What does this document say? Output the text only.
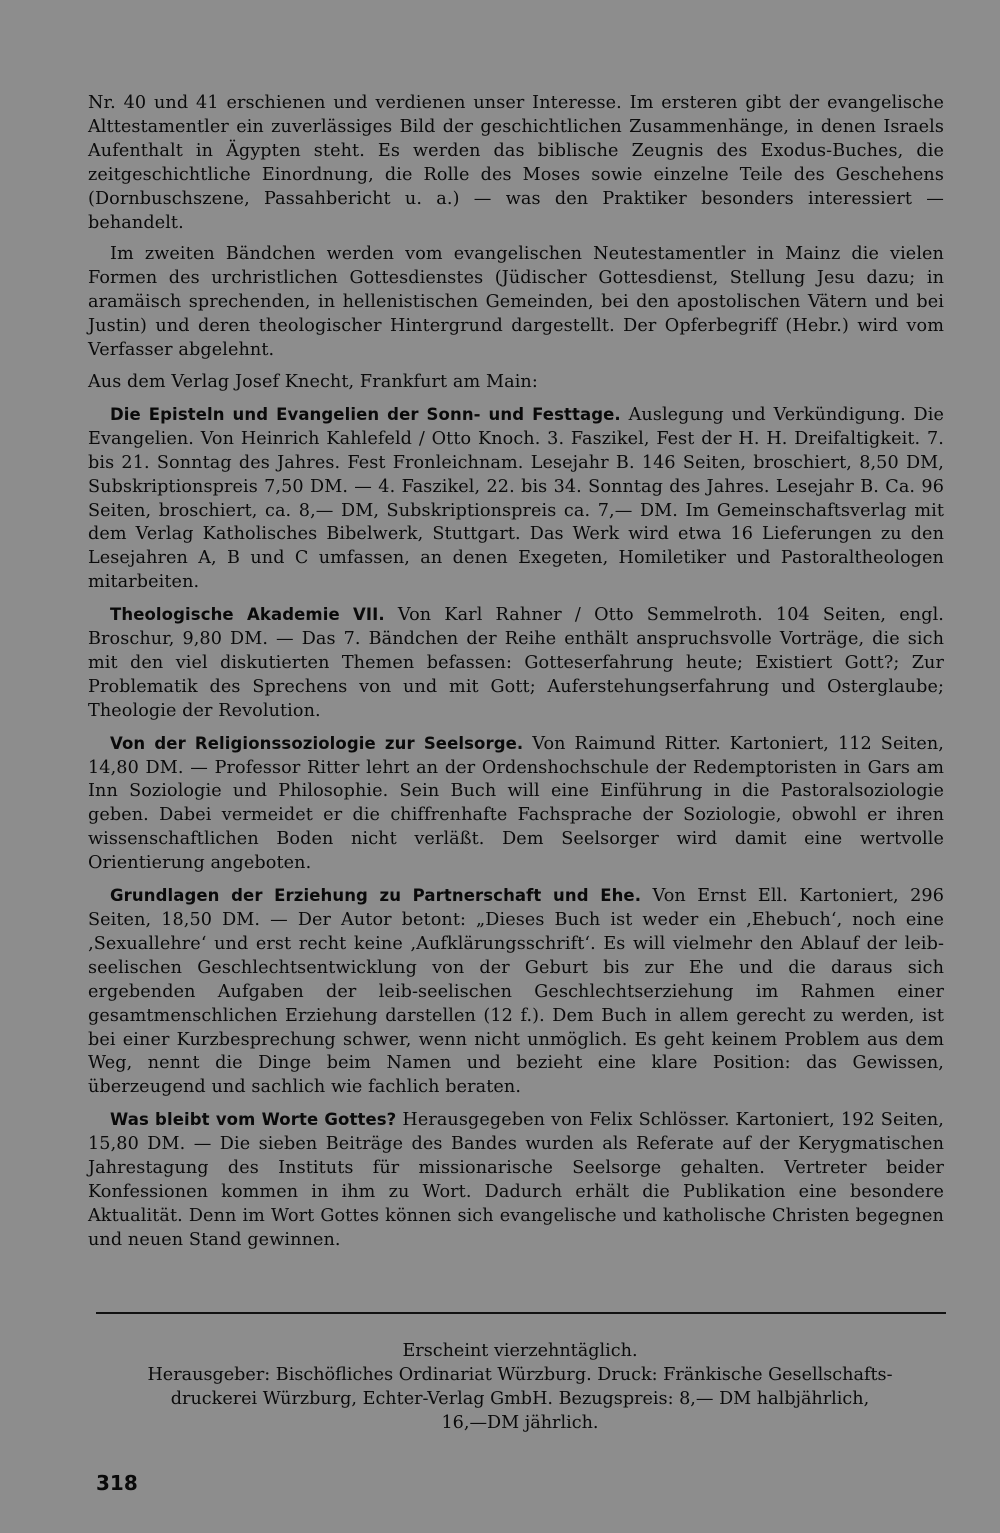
Nr. 40 und 41 erschienen und verdienen unser Interesse. Im ersteren gibt der evangelische Alttestamentler ein zuverlässiges Bild der geschichtlichen Zusammenhänge, in denen Israels Aufenthalt in Ägypten steht. Es werden das biblische Zeugnis des Exodus-Buches, die zeitgeschichtliche Einordnung, die Rolle des Moses sowie einzelne Teile des Geschehens (Dornbuschszene, Passahbericht u. a.) — was den Praktiker besonders interessiert — behandelt.

Im zweiten Bändchen werden vom evangelischen Neutestamentler in Mainz die vielen Formen des urchristlichen Gottesdienstes (Jüdischer Gottesdienst, Stellung Jesu dazu; in aramäisch sprechenden, in hellenistischen Gemeinden, bei den apostolischen Vätern und bei Justin) und deren theologischer Hintergrund dargestellt. Der Opferbegriff (Hebr.) wird vom Verfasser abgelehnt.

Aus dem Verlag Josef Knecht, Frankfurt am Main:

Die Episteln und Evangelien der Sonn- und Festtage. Auslegung und Verkündigung. Die Evangelien. Von Heinrich Kahlefeld / Otto Knoch. 3. Faszikel, Fest der H. H. Dreifaltigkeit. 7. bis 21. Sonntag des Jahres. Fest Fronleichnam. Lesejahr B. 146 Seiten, broschiert, 8,50 DM, Subskriptionspreis 7,50 DM. — 4. Faszikel, 22. bis 34. Sonntag des Jahres. Lesejahr B. Ca. 96 Seiten, broschiert, ca. 8,— DM, Subskriptionspreis ca. 7,— DM. Im Gemeinschaftsverlag mit dem Verlag Katholisches Bibelwerk, Stuttgart. Das Werk wird etwa 16 Lieferungen zu den Lesejahren A, B und C umfassen, an denen Exegeten, Homiletiker und Pastoraltheologen mitarbeiten.

Theologische Akademie VII. Von Karl Rahner / Otto Semmelroth. 104 Seiten, engl. Broschur, 9,80 DM. — Das 7. Bändchen der Reihe enthält anspruchsvolle Vorträge, die sich mit den viel diskutierten Themen befassen: Gotteserfahrung heute; Existiert Gott?; Zur Problematik des Sprechens von und mit Gott; Auferstehungserfahrung und Osterglaube; Theologie der Revolution.

Von der Religionssoziologie zur Seelsorge. Von Raimund Ritter. Kartoniert, 112 Seiten, 14,80 DM. — Professor Ritter lehrt an der Ordenshochschule der Redemptoristen in Gars am Inn Soziologie und Philosophie. Sein Buch will eine Einführung in die Pastoralsoziologie geben. Dabei vermeidet er die chiffrenhafte Fachsprache der Soziologie, obwohl er ihren wissenschaftlichen Boden nicht verläßt. Dem Seelsorger wird damit eine wertvolle Orientierung angeboten.

Grundlagen der Erziehung zu Partnerschaft und Ehe. Von Ernst Ell. Kartoniert, 296 Seiten, 18,50 DM. — Der Autor betont: „Dieses Buch ist weder ein ‚Ehebuch‘, noch eine ‚Sexuallehre‘ und erst recht keine ‚Aufklärungsschrift‘. Es will vielmehr den Ablauf der leib-seelischen Geschlechtsentwicklung von der Geburt bis zur Ehe und die daraus sich ergebenden Aufgaben der leib-seelischen Geschlechtserziehung im Rahmen einer gesamtmenschlichen Erziehung darstellen (12 f.). Dem Buch in allem gerecht zu werden, ist bei einer Kurzbesprechung schwer, wenn nicht unmöglich. Es geht keinem Problem aus dem Weg, nennt die Dinge beim Namen und bezieht eine klare Position: das Gewissen, überzeugend und sachlich wie fachlich beraten.

Was bleibt vom Worte Gottes? Herausgegeben von Felix Schlösser. Kartoniert, 192 Seiten, 15,80 DM. — Die sieben Beiträge des Bandes wurden als Referate auf der Kerygmatischen Jahrestagung des Instituts für missionarische Seelsorge gehalten. Vertreter beider Konfessionen kommen in ihm zu Wort. Dadurch erhält die Publikation eine besondere Aktualität. Denn im Wort Gottes können sich evangelische und katholische Christen begegnen und neuen Stand gewinnen.

Erscheint vierzehntäglich.
Herausgeber: Bischöfliches Ordinariat Würzburg. Druck: Fränkische Gesellschafts-
druckerei Würzburg, Echter-Verlag GmbH. Bezugspreis: 8,— DM halbjährlich,
16,—DM jährlich.
318
